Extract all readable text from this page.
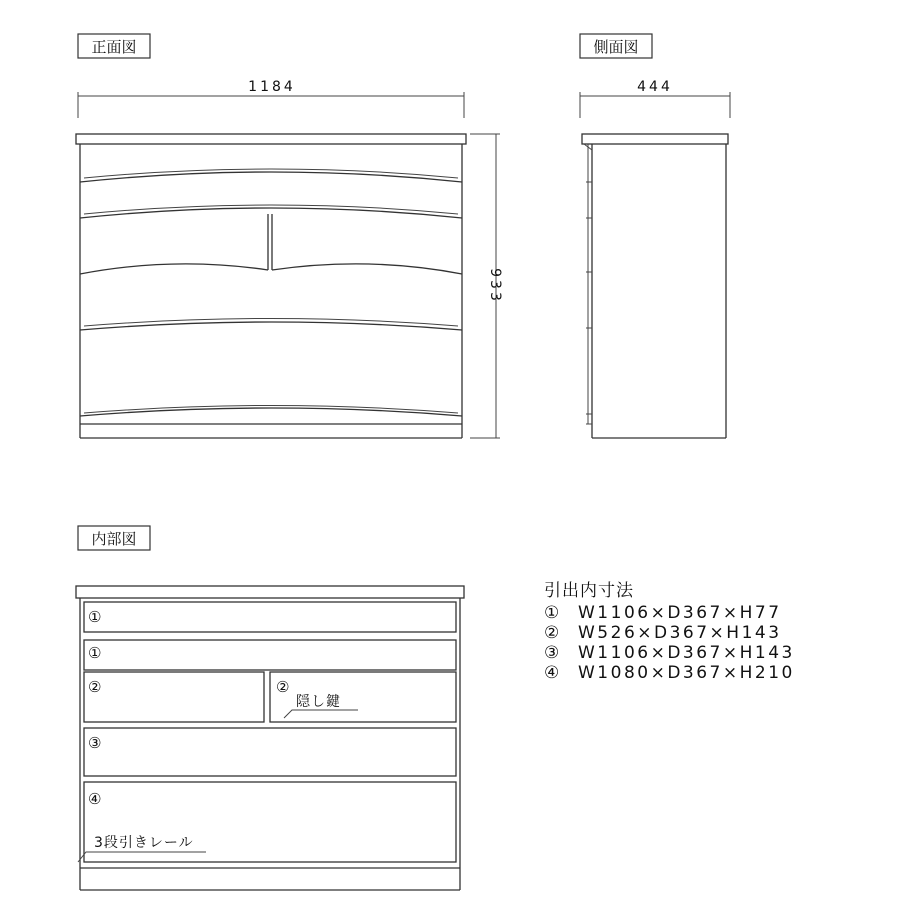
正面図
1184
933
側面図
444
内部図
①
①
②	②
③
④
隠し鍵
3段引きレール
引出内寸法
① W1106×D367×H77
② W526×D367×H143
③ W1106×D367×H143
④ W1080×D367×H210
